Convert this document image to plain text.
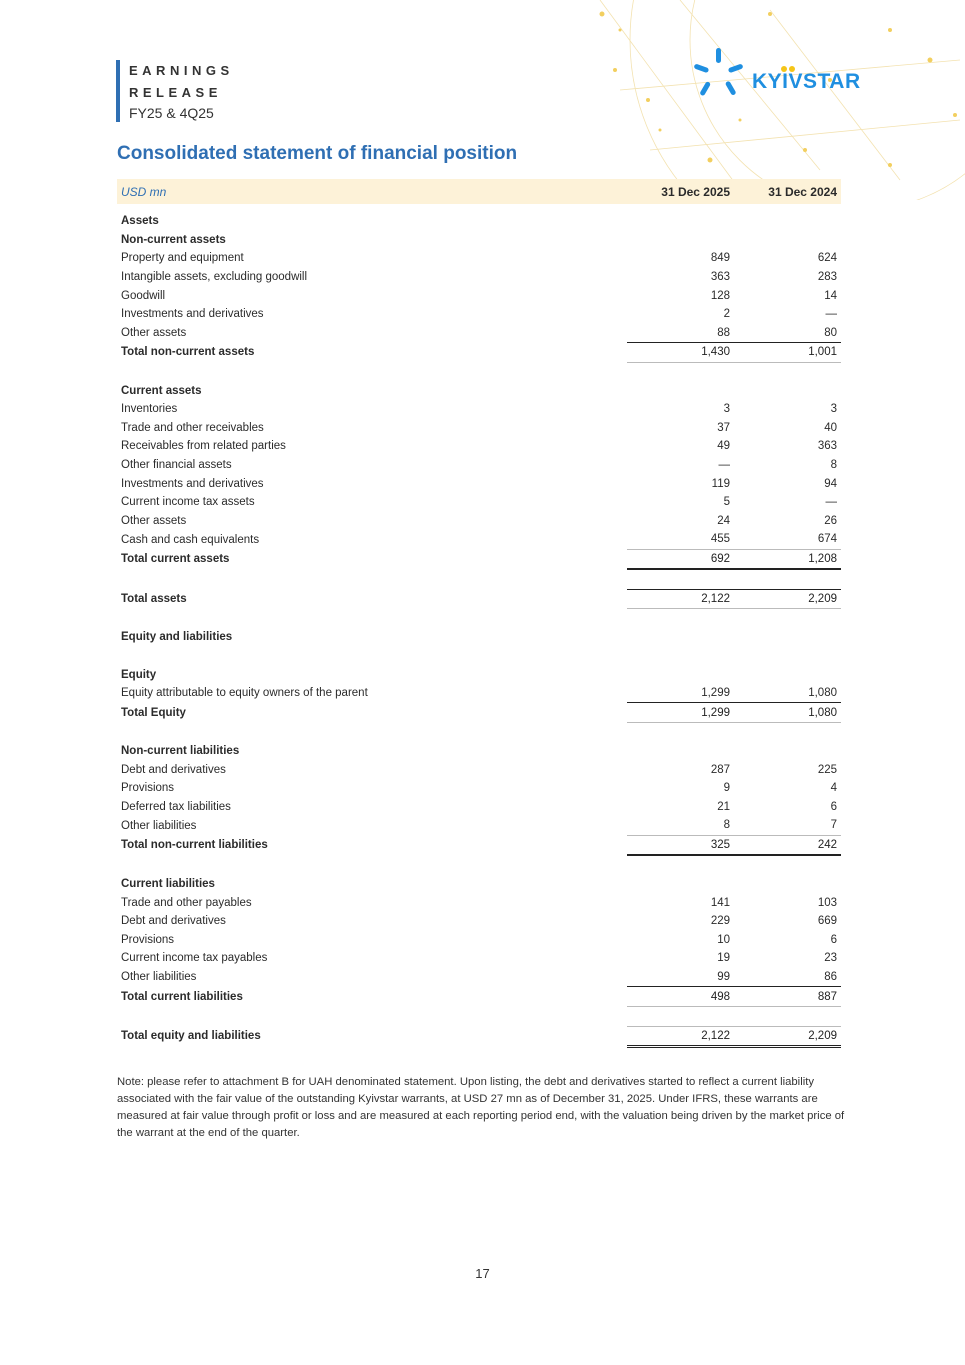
EARNINGS
RELEASE
FY25 & 4Q25
KYIVSTAR
Consolidated statement of financial position
USD mn	31 Dec 2025	31 Dec 2024

Assets		
Non-current assets		
Property and equipment	849	624
Intangible assets, excluding goodwill	363	283
Goodwill	128	14
Investments and derivatives	2	—
Other assets	88	80
Total non-current assets	1,430	1,001

Current assets		
Inventories	3	3
Trade and other receivables	37	40
Receivables from related parties	49	363
Other financial assets	—	8
Investments and derivatives	119	94
Current income tax assets	5	—
Other assets	24	26
Cash and cash equivalents	455	674
Total current assets	692	1,208

Total assets	2,122	2,209

Equity and liabilities		

Equity		
Equity attributable to equity owners of the parent	1,299	1,080
Total Equity	1,299	1,080

Non-current liabilities		
Debt and derivatives	287	225
Provisions	9	4
Deferred tax liabilities	21	6
Other liabilities	8	7
Total non-current liabilities	325	242

Current liabilities		
Trade and other payables	141	103
Debt and derivatives	229	669
Provisions	10	6
Current income tax payables	19	23
Other liabilities	99	86
Total current liabilities	498	887

Total equity and liabilities	2,122	2,209
Note: please refer to attachment B for UAH denominated statement. Upon listing, the debt and derivatives started to reflect a current liability associated with the fair value of the outstanding Kyivstar warrants, at USD 27 mn as of December 31, 2025. Under IFRS, these warrants are measured at fair value through profit or loss and are measured at each reporting period end, with the valuation being driven by the market price of the warrant at the end of the quarter.
17
